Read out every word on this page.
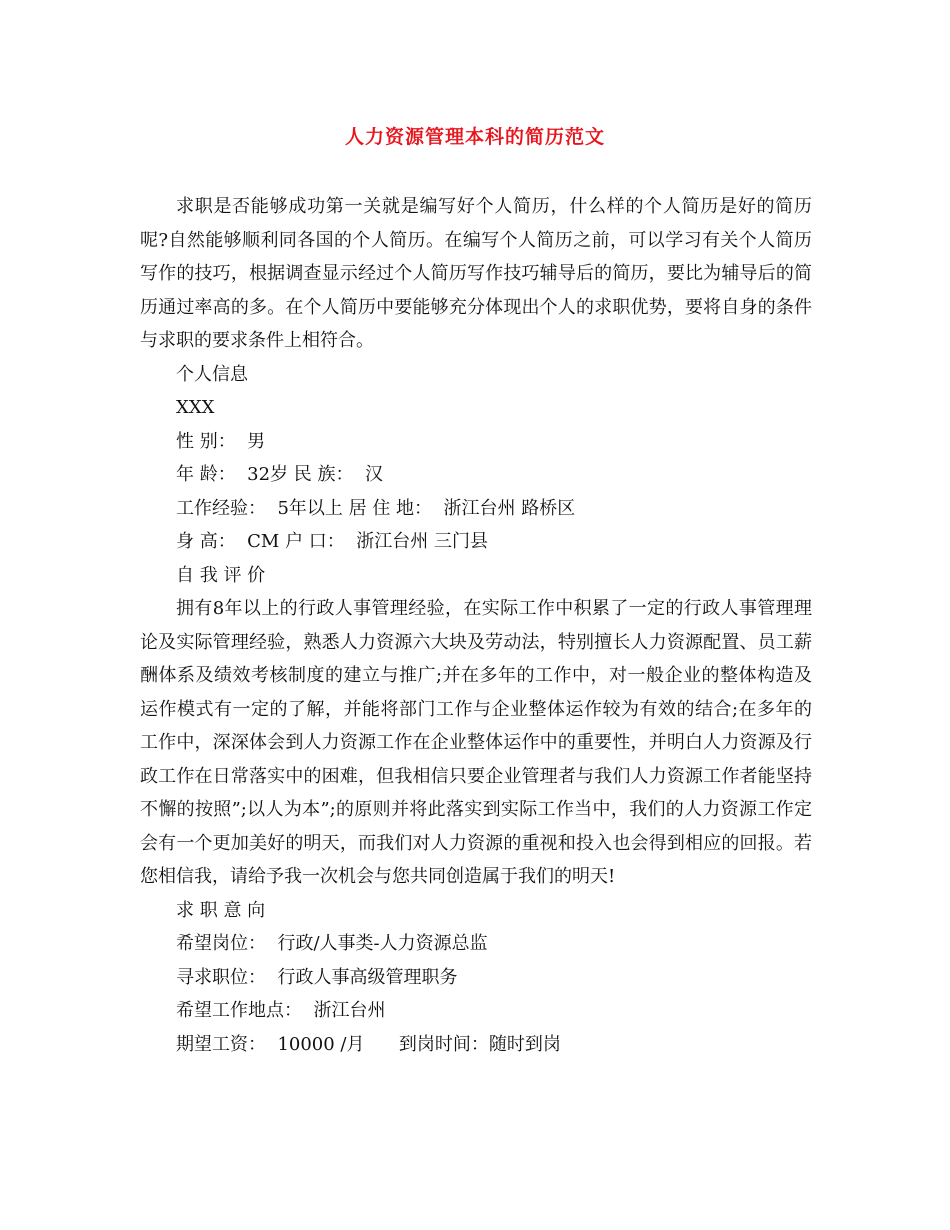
人力资源管理本科的简历范文

求职是否能够成功第一关就是编写好个人简历，什么样的个人简历是好的简历呢?自然能够顺利同各国的个人简历。在编写个人简历之前，可以学习有关个人简历写作的技巧，根据调查显示经过个人简历写作技巧辅导后的简历，要比为辅导后的简历通过率高的多。在个人简历中要能够充分体现出个人的求职优势，要将自身的条件与求职的要求条件上相符合。

个人信息

XXX

性 别：  男

年 龄：  32岁 民 族：  汉

工作经验：  5年以上 居 住 地：  浙江台州 路桥区

身 高：  CM 户 口：  浙江台州 三门县

自 我 评 价

拥有8年以上的行政人事管理经验，在实际工作中积累了一定的行政人事管理理论及实际管理经验，熟悉人力资源六大块及劳动法，特别擅长人力资源配置、员工薪酬体系及绩效考核制度的建立与推广;并在多年的工作中，对一般企业的整体构造及运作模式有一定的了解，并能将部门工作与企业整体运作较为有效的结合;在多年的工作中，深深体会到人力资源工作在企业整体运作中的重要性，并明白人力资源及行政工作在日常落实中的困难，但我相信只要企业管理者与我们人力资源工作者能坚持不懈的按照”;以人为本”;的原则并将此落实到实际工作当中，我们的人力资源工作定会有一个更加美好的明天，而我们对人力资源的重视和投入也会得到相应的回报。若您相信我，请给予我一次机会与您共同创造属于我们的明天!

求 职 意 向

希望岗位：  行政/人事类-人力资源总监

寻求职位：  行政人事高级管理职务

希望工作地点：  浙江台州

期望工资：  10000 /月      到岗时间：随时到岗
